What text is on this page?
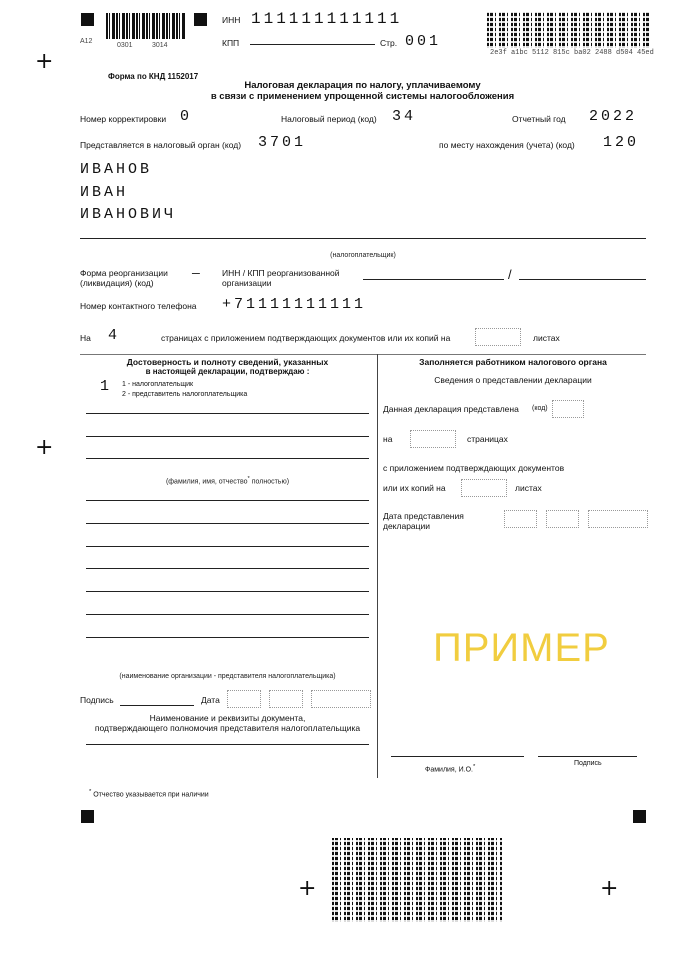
+
+
+	+
A12
0301	3014
ИНН 111111111111
КПП	Стр. 001
2e3f a1bc 5112 815c ba02 2488 d504 45ed
Форма по КНД 1152017
Налоговая декларация по налогу, уплачиваемому
в связи с применением упрощенной системы налогообложения
Номер корректировки 0	Налоговый период (код) 34	Отчетный год 2022
Представляется в налоговый орган (код) 3701	по месту нахождения (учета) (код) 120
ИВАНОВ
ИВАН
ИВАНОВИЧ
(налогоплательщик)
Форма реорганизации (ликвидация) (код)
— ИНН / КПП реорганизованной организации
/
Номер контактного телефона +71111111111
На 4	страницах с приложением подтверждающих документов или их копий на	листах
Достоверность и полноту сведений, указанных
в настоящей декларации, подтверждаю :
1 1 - налогоплательщик
2 - представитель налогоплательщика
(фамилия, имя, отчество* полностью)
(наименование организации - представителя налогоплательщика)
Подпись	Дата
Наименование и реквизиты документа,
подтверждающего полномочия представителя налогоплательщика
Заполняется работником налогового органа
Сведения о представлении декларации
Данная декларация представлена (код)
на	страницах
с приложением подтверждающих документов
или их копий на	листах
Дата представления
декларации
ПРИМЕР
Фамилия, И.О.*	Подпись
* Отчество указывается при наличии
